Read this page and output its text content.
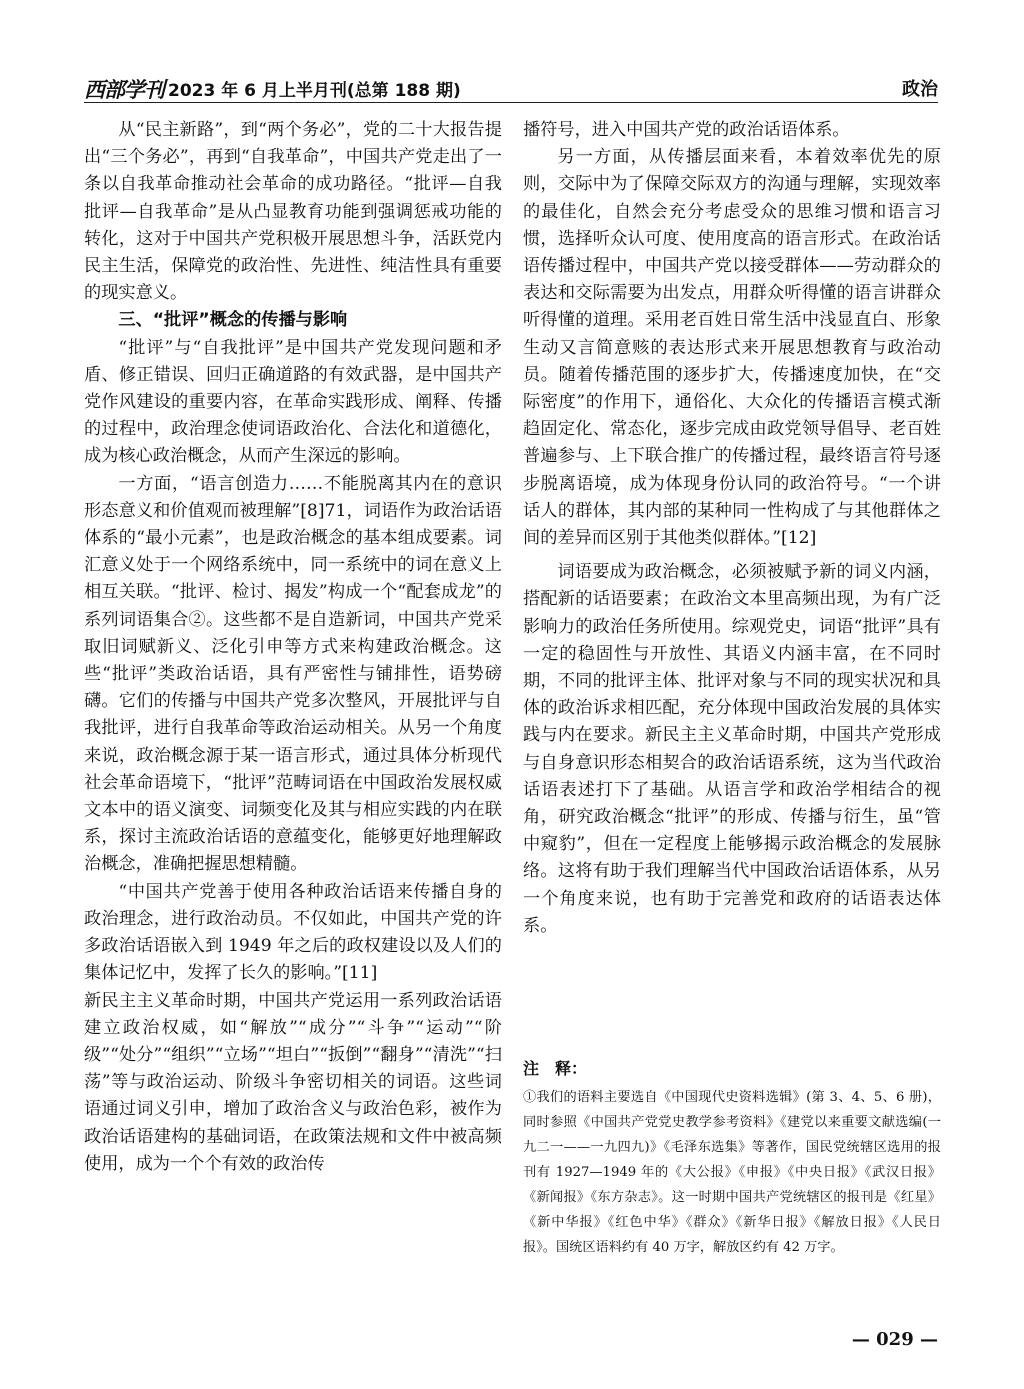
西部学刊 2023 年 6 月上半月刊(总第 188 期)	政治

从“民主新路”，到“两个务必”，党的二十大报告提出“三个务必”，再到“自我革命”，中国共产党走出了一条以自我革命推动社会革命的成功路径。“批评—自我批评—自我革命”是从凸显教育功能到强调惩戒功能的转化，这对于中国共产党积极开展思想斗争，活跃党内民主生活，保障党的政治性、先进性、纯洁性具有重要的现实意义。

三、“批评”概念的传播与影响

“批评”与“自我批评”是中国共产党发现问题和矛盾、修正错误、回归正确道路的有效武器，是中国共产党作风建设的重要内容，在革命实践形成、阐释、传播的过程中，政治理念使词语政治化、合法化和道德化，成为核心政治概念，从而产生深远的影响。

一方面，“语言创造力……不能脱离其内在的意识形态意义和价值观而被理解”[8]71，词语作为政治话语体系的“最小元素”，也是政治概念的基本组成要素。词汇意义处于一个网络系统中，同一系统中的词在意义上相互关联。“批评、检讨、揭发”构成一个“配套成龙”的系列词语集合②。这些都不是自造新词，中国共产党采取旧词赋新义、泛化引申等方式来构建政治概念。这些“批评”类政治话语，具有严密性与铺排性，语势磅礴。它们的传播与中国共产党多次整风，开展批评与自我批评，进行自我革命等政治运动相关。从另一个角度来说，政治概念源于某一语言形式，通过具体分析现代社会革命语境下，“批评”范畴词语在中国政治发展权威文本中的语义演变、词频变化及其与相应实践的内在联系，探讨主流政治话语的意蕴变化，能够更好地理解政治概念，准确把握思想精髓。

“中国共产党善于使用各种政治话语来传播自身的政治理念，进行政治动员。不仅如此，中国共产党的许多政治话语嵌入到 1949 年之后的政权建设以及人们的集体记忆中，发挥了长久的影响。”[11]

新民主主义革命时期，中国共产党运用一系列政治话语建立政治权威，如“解放”“成分”“斗争”“运动”“阶级”“处分”“组织”“立场”“坦白”“扳倒”“翻身”“清洗”“扫荡”等与政治运动、阶级斗争密切相关的词语。这些词语通过词义引申，增加了政治含义与政治色彩，被作为政治话语建构的基础词语，在政策法规和文件中被高频使用，成为一个个有效的政治传

播符号，进入中国共产党的政治话语体系。

另一方面，从传播层面来看，本着效率优先的原则，交际中为了保障交际双方的沟通与理解，实现效率的最佳化，自然会充分考虑受众的思维习惯和语言习惯，选择听众认可度、使用度高的语言形式。在政治话语传播过程中，中国共产党以接受群体——劳动群众的表达和交际需要为出发点，用群众听得懂的语言讲群众听得懂的道理。采用老百姓日常生活中浅显直白、形象生动又言简意赅的表达形式来开展思想教育与政治动员。随着传播范围的逐步扩大，传播速度加快，在“交际密度”的作用下，通俗化、大众化的传播语言模式渐趋固定化、常态化，逐步完成由政党领导倡导、老百姓普遍参与、上下联合推广的传播过程，最终语言符号逐步脱离语境，成为体现身份认同的政治符号。“一个讲话人的群体，其内部的某种同一性构成了与其他群体之间的差异而区别于其他类似群体。”[12]

词语要成为政治概念，必须被赋予新的词义内涵，搭配新的话语要素；在政治文本里高频出现，为有广泛影响力的政治任务所使用。综观党史，词语“批评”具有一定的稳固性与开放性、其语义内涵丰富，在不同时期，不同的批评主体、批评对象与不同的现实状况和具体的政治诉求相匹配，充分体现中国政治发展的具体实践与内在要求。新民主主义革命时期，中国共产党形成与自身意识形态相契合的政治话语系统，这为当代政治话语表述打下了基础。从语言学和政治学相结合的视角，研究政治概念“批评”的形成、传播与衍生，虽“管中窥豹”，但在一定程度上能够揭示政治概念的发展脉络。这将有助于我们理解当代中国政治话语体系，从另一个角度来说，也有助于完善党和政府的话语表达体系。

注　释：

①我们的语料主要选自《中国现代史资料选辑》(第 3、4、5、6 册)，同时参照《中国共产党党史教学参考资料》《建党以来重要文献选编(一九二一——一九四九)》《毛泽东选集》等著作，国民党统辖区选用的报刊有 1927—1949 年的《大公报》《申报》《中央日报》《武汉日报》《新闻报》《东方杂志》。这一时期中国共产党统辖区的报刊是《红星》《新中华报》《红色中华》《群众》《新华日报》《解放日报》《人民日报》。国统区语料约有 40 万字，解放区约有 42 万字。

— 029 —
